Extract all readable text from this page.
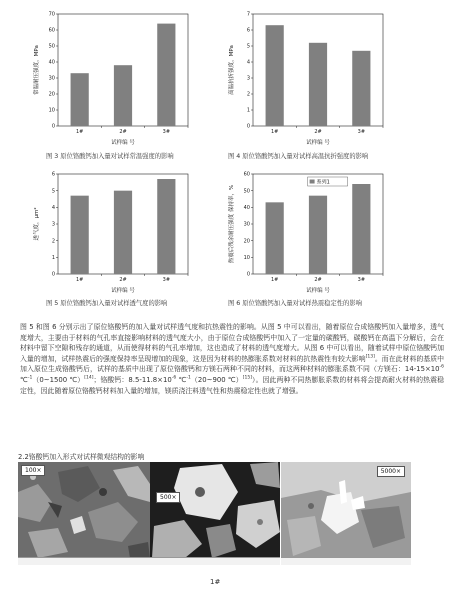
0
10
20
30
40
50
60
70
1#	2#	3#
试样编 号
常温耐压强度，MPa
0
1
2
3
4
5
6
7
1#	2#	3#
试样编 号
高温抗折强度，MPa
0
1
2
3
4
5
6
1#	2#	3#
试样编 号
透气度，μm²
0
10
20
30
40
50
60
1#	2#	3#
试样编 号
热震后残余耐压强度 保持率，%
系列1
图 3 原位铬酸钙加入量对试样常温强度的影响	图 4 原位铬酸钙加入量对试样高温抗折强度的影响
图 5 原位铬酸钙加入量对试样透气度的影响	图 6 原位铬酸钙加入量对试样热震稳定性的影响
图 5 和图 6 分别示出了原位铬酸钙的加入量对试样透气度和抗热震性的影响。从图 5 中可以看出，随着原位合成铬酸钙加入量增多，透气度增大，主要由于材料的气孔率直接影响材料的透气度大小，由于原位合成铬酸钙中加入了一定量的碳酸钙，碳酸钙在高温下分解后，会在材料中留下空隙和残存的通道，从而使得材料的气孔率增加，这也造成了材料的透气度增大。从图 6 中可以看出，随着试样中原位铬酸钙加入量的增加，试样热震后的强度保持率呈现增加的现象，这是因为材料的热膨胀系数对材料的抗热震性有较大影响[13]。而在此材料的基质中加入原位生成铬酸钙后，试样的基质中出现了原位铬酸钙和方镁石两种不同的材料，而这两种材料的膨胀系数不同（方镁石：$14-15\times 10^{-6}$ ℃$^{-1}$（0~1500 ℃）[14]；铬酸钙：$8.5-11.8\times 10^{-6}$ ℃$^{-1}$（20~900 ℃）[15]）。因此两种不同热膨胀系数的材料将会提高耐火材料的热震稳定性，因此随着原位铬酸钙材料加入量的增加，镁质浇注料透气性和热震稳定性也就了增强。
2.2铬酸钙加入形式对试样微观结构的影响
100×
500×
5000×
1#
